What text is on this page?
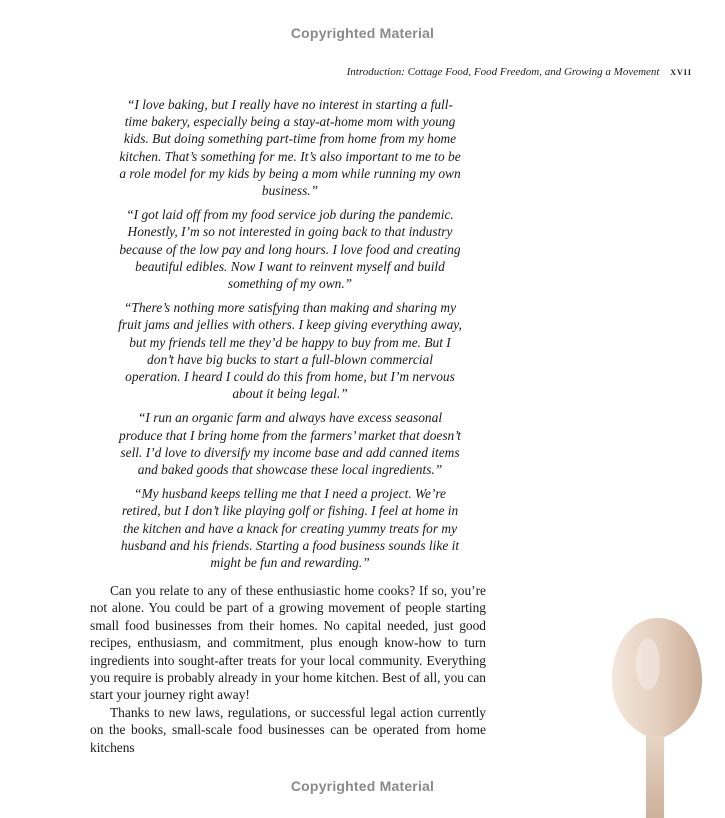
Copyrighted Material
Introduction: Cottage Food, Food Freedom, and Growing a Movement xvii

“I love baking, but I really have no interest in starting a full-time bakery, especially being a stay-at-home mom with young kids. But doing something part-time from home from my home kitchen. That’s something for me. It’s also important to me to be a role model for my kids by being a mom while running my own business.”

“I got laid off from my food service job during the pandemic. Honestly, I’m so not interested in going back to that industry because of the low pay and long hours. I love food and creating beautiful edibles. Now I want to reinvent myself and build something of my own.”

“There’s nothing more satisfying than making and sharing my fruit jams and jellies with others. I keep giving everything away, but my friends tell me they’d be happy to buy from me. But I don’t have big bucks to start a full-blown commercial operation. I heard I could do this from home, but I’m nervous about it being legal.”

“I run an organic farm and always have excess seasonal produce that I bring home from the farmers’ market that doesn’t sell. I’d love to diversify my income base and add canned items and baked goods that showcase these local ingredients.”

“My husband keeps telling me that I need a project. We’re retired, but I don’t like playing golf or fishing. I feel at home in the kitchen and have a knack for creating yummy treats for my husband and his friends. Starting a food business sounds like it might be fun and rewarding.”

Can you relate to any of these enthusiastic home cooks? If so, you’re not alone. You could be part of a growing movement of people starting small food businesses from their homes. No capital needed, just good recipes, enthusiasm, and commitment, plus enough know-how to turn ingredients into sought-after treats for your local community. Everything you require is probably already in your home kitchen. Best of all, you can start your journey right away!

Thanks to new laws, regulations, or successful legal action currently on the books, small-scale food businesses can be operated from home kitchens

Copyrighted Material
